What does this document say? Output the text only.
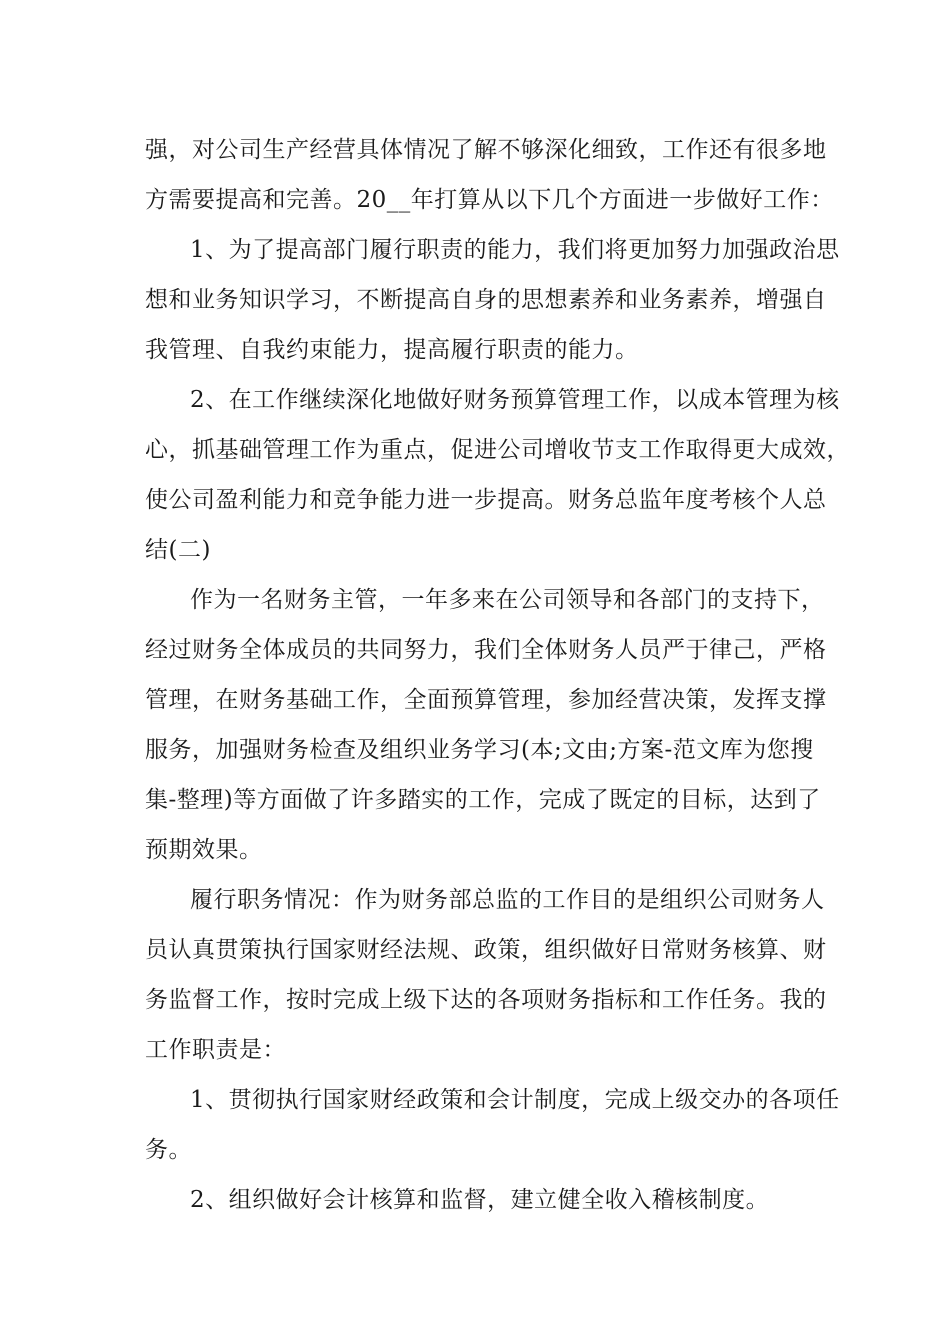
强，对公司生产经营具体情况了解不够深化细致，工作还有很多地
方需要提高和完善。20__年打算从以下几个方面进一步做好工作：
1、为了提高部门履行职责的能力，我们将更加努力加强政治思
想和业务知识学习，不断提高自身的思想素养和业务素养，增强自
我管理、自我约束能力，提高履行职责的能力。
2、在工作继续深化地做好财务预算管理工作，以成本管理为核
心，抓基础管理工作为重点，促进公司增收节支工作取得更大成效，
使公司盈利能力和竞争能力进一步提高。财务总监年度考核个人总
结(二)
作为一名财务主管，一年多来在公司领导和各部门的支持下，
经过财务全体成员的共同努力，我们全体财务人员严于律己，严格
管理，在财务基础工作，全面预算管理，参加经营决策，发挥支撑
服务，加强财务检查及组织业务学习(本;文由;方案-范文库为您搜
集-整理)等方面做了许多踏实的工作，完成了既定的目标，达到了
预期效果。
履行职务情况：作为财务部总监的工作目的是组织公司财务人
员认真贯策执行国家财经法规、政策，组织做好日常财务核算、财
务监督工作，按时完成上级下达的各项财务指标和工作任务。我的
工作职责是：
1、贯彻执行国家财经政策和会计制度，完成上级交办的各项任
务。
2、组织做好会计核算和监督，建立健全收入稽核制度。
